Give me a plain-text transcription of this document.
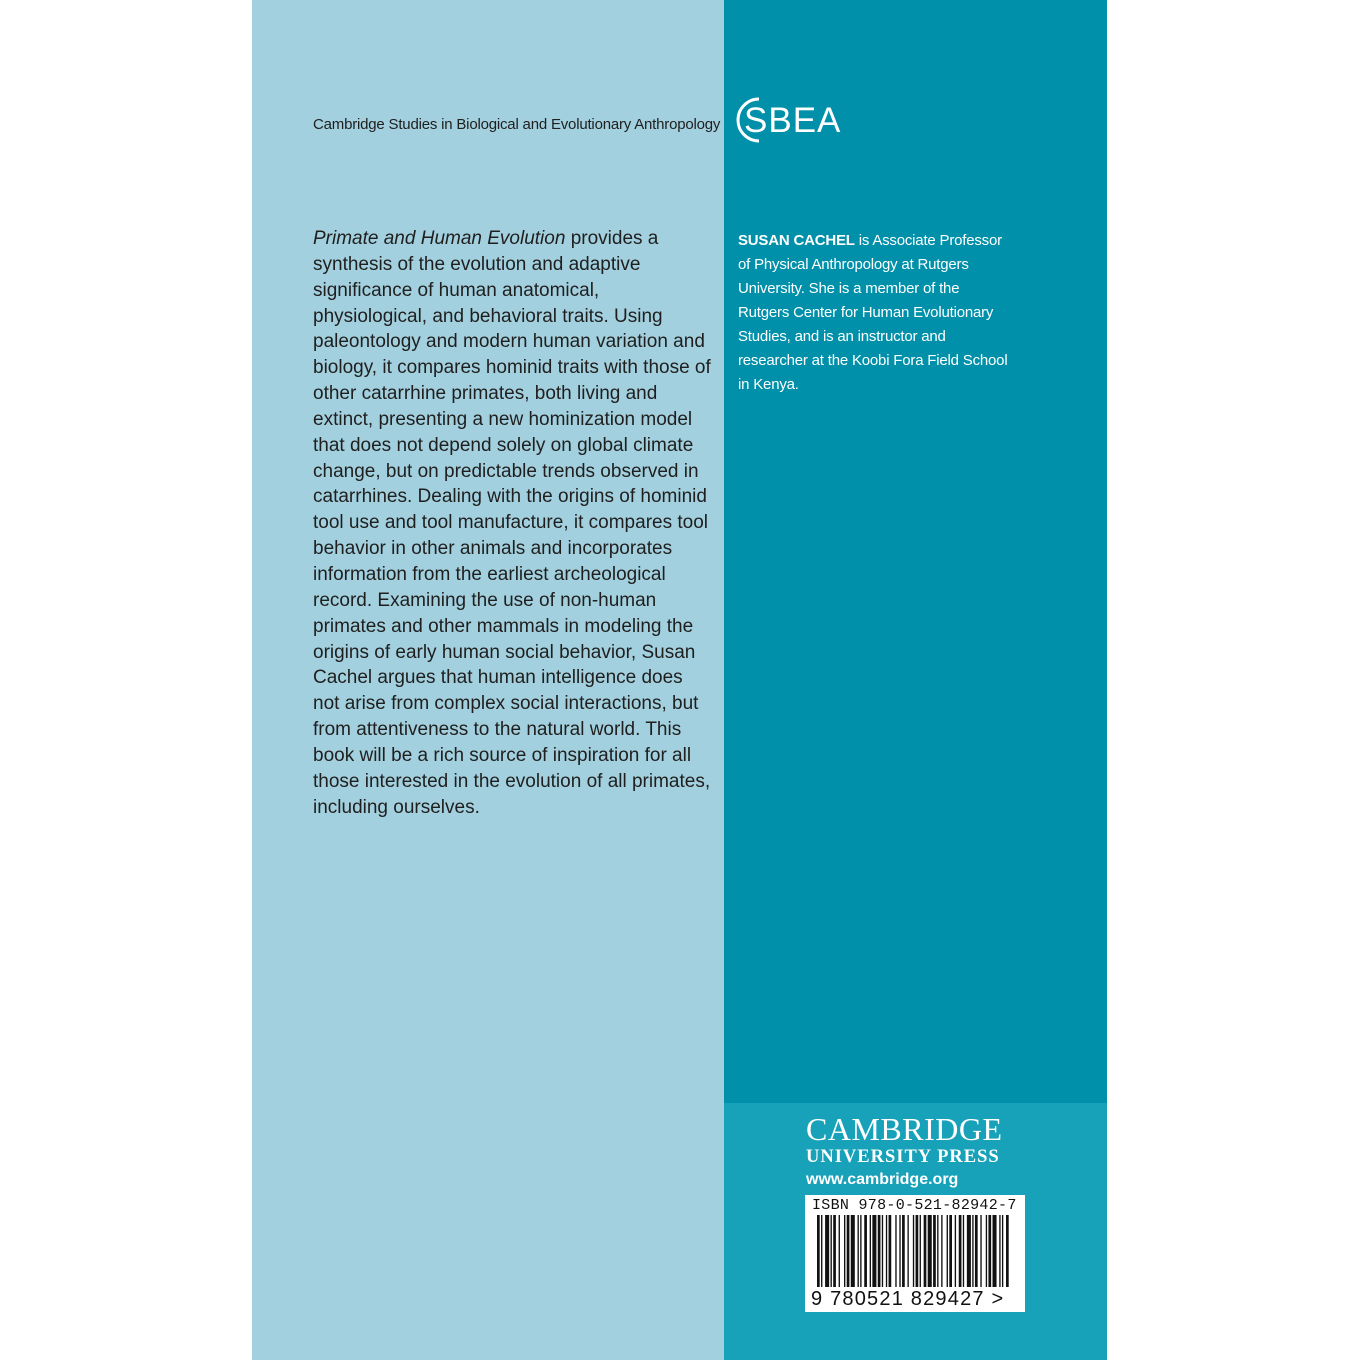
Cambridge Studies in Biological and Evolutionary Anthropology SBEA

Primate and Human Evolution provides a synthesis of the evolution and adaptive significance of human anatomical, physiological, and behavioral traits. Using paleontology and modern human variation and biology, it compares hominid traits with those of other catarrhine primates, both living and extinct, presenting a new hominization model that does not depend solely on global climate change, but on predictable trends observed in catarrhines. Dealing with the origins of hominid tool use and tool manufacture, it compares tool behavior in other animals and incorporates information from the earliest archeological record. Examining the use of non-human primates and other mammals in modeling the origins of early human social behavior, Susan Cachel argues that human intelligence does not arise from complex social interactions, but from attentiveness to the natural world. This book will be a rich source of inspiration for all those interested in the evolution of all primates, including ourselves.

SUSAN CACHEL is Associate Professor of Physical Anthropology at Rutgers University. She is a member of the Rutgers Center for Human Evolutionary Studies, and is an instructor and researcher at the Koobi Fora Field School in Kenya.

CAMBRIDGE
UNIVERSITY PRESS
www.cambridge.org
ISBN 978-0-521-82942-7
9 780521 829427 >
